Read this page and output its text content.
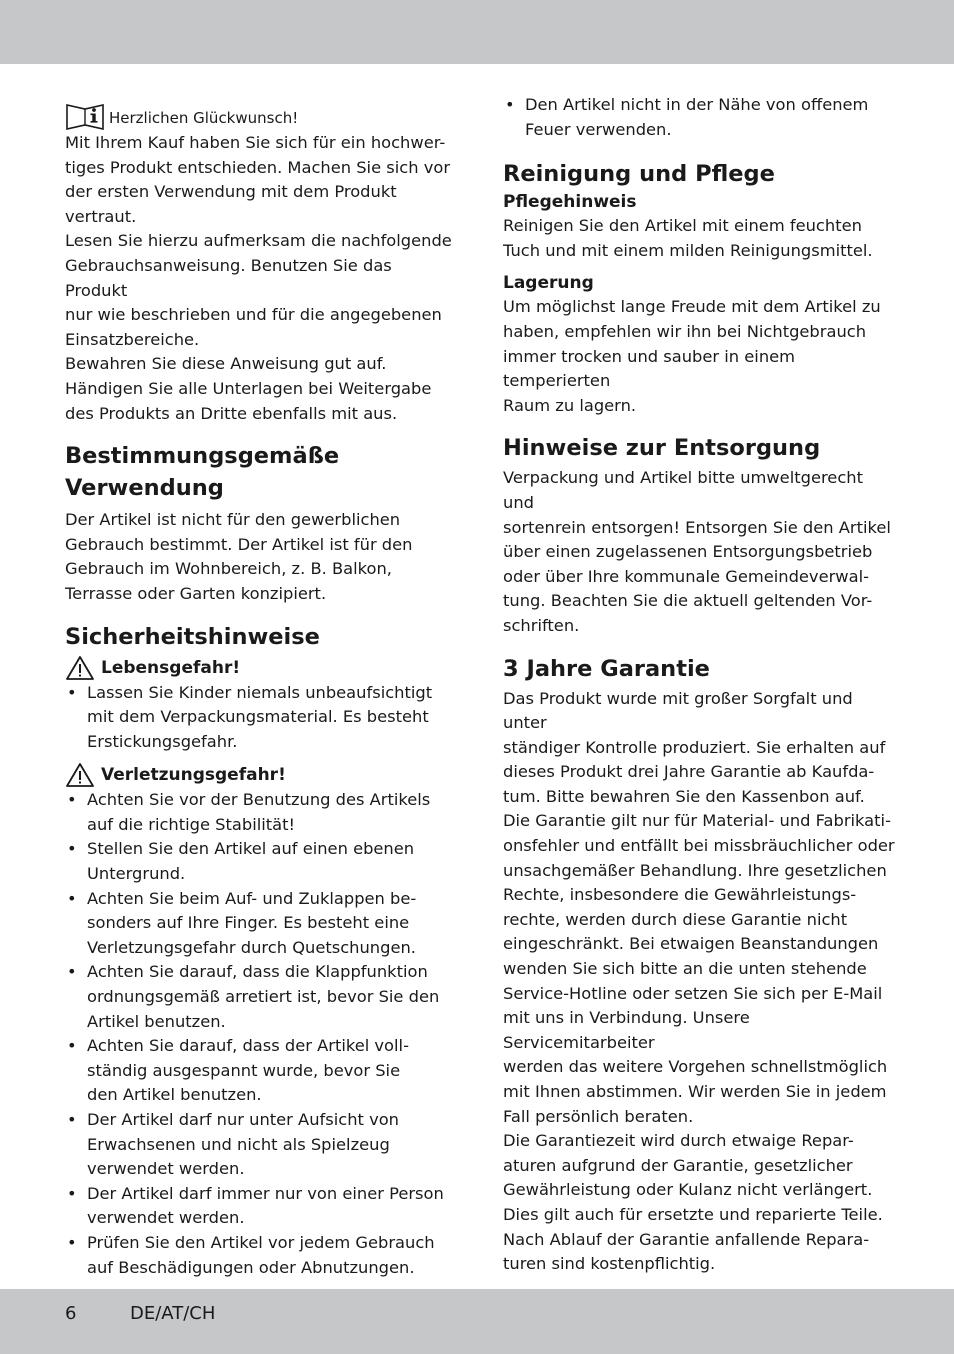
Herzlichen Glückwunsch!

Mit Ihrem Kauf haben Sie sich für ein hochwer-

tiges Produkt entschieden. Machen Sie sich vor

der ersten Verwendung mit dem Produkt vertraut.

Lesen Sie hierzu aufmerksam die nachfolgende

Gebrauchsanweisung. Benutzen Sie das Produkt

nur wie beschrieben und für die angegebenen

Einsatzbereiche.

Bewahren Sie diese Anweisung gut auf.

Händigen Sie alle Unterlagen bei Weitergabe

des Produkts an Dritte ebenfalls mit aus.

Bestimmungsgemäße
Verwendung

Der Artikel ist nicht für den gewerblichen

Gebrauch bestimmt. Der Artikel ist für den

Gebrauch im Wohnbereich, z. B. Balkon,

Terrasse oder Garten konzipiert.

Sicherheitshinweise
Lebensgefahr!
• Lassen Sie Kinder niemals unbeaufsichtigt
mit dem Verpackungsmaterial. Es besteht
Erstickungsgefahr.
Verletzungsgefahr!
• Achten Sie vor der Benutzung des Artikels
auf die richtige Stabilität!
• Stellen Sie den Artikel auf einen ebenen
Untergrund.
• Achten Sie beim Auf- und Zuklappen be-
sonders auf Ihre Finger. Es besteht eine
Verletzungsgefahr durch Quetschungen.
• Achten Sie darauf, dass die Klappfunktion
ordnungsgemäß arretiert ist, bevor Sie den
Artikel benutzen.
• Achten Sie darauf, dass der Artikel voll-
ständig ausgespannt wurde, bevor Sie
den Artikel benutzen.
• Der Artikel darf nur unter Aufsicht von
Erwachsenen und nicht als Spielzeug
verwendet werden.
• Der Artikel darf immer nur von einer Person
verwendet werden.
• Prüfen Sie den Artikel vor jedem Gebrauch
auf Beschädigungen oder Abnutzungen.
• Den Artikel nicht in der Nähe von offenem
Feuer verwenden.
Reinigung und Pflege
Pflegehinweis

Reinigen Sie den Artikel mit einem feuchten

Tuch und mit einem milden Reinigungsmittel.

Lagerung

Um möglichst lange Freude mit dem Artikel zu

haben, empfehlen wir ihn bei Nichtgebrauch

immer trocken und sauber in einem temperierten

Raum zu lagern.

Hinweise zur Entsorgung

Verpackung und Artikel bitte umweltgerecht und

sortenrein entsorgen! Entsorgen Sie den Artikel

über einen zugelassenen Entsorgungsbetrieb

oder über Ihre kommunale Gemeindeverwal-

tung. Beachten Sie die aktuell geltenden Vor-

schriften.

3 Jahre Garantie

Das Produkt wurde mit großer Sorgfalt und unter

ständiger Kontrolle produziert. Sie erhalten auf

dieses Produkt drei Jahre Garantie ab Kaufda-

tum. Bitte bewahren Sie den Kassenbon auf.

Die Garantie gilt nur für Material- und Fabrikati-

onsfehler und entfällt bei missbräuchlicher oder

unsachgemäßer Behandlung. Ihre gesetzlichen

Rechte, insbesondere die Gewährleistungs-

rechte, werden durch diese Garantie nicht

eingeschränkt. Bei etwaigen Beanstandungen

wenden Sie sich bitte an die unten stehende

Service-Hotline oder setzen Sie sich per E-Mail

mit uns in Verbindung. Unsere Servicemitarbeiter

werden das weitere Vorgehen schnellstmöglich

mit Ihnen abstimmen. Wir werden Sie in jedem

Fall persönlich beraten.

Die Garantiezeit wird durch etwaige Repar-

aturen aufgrund der Garantie, gesetzlicher

Gewährleistung oder Kulanz nicht verlängert.

Dies gilt auch für ersetzte und reparierte Teile.

Nach Ablauf der Garantie anfallende Repara-

turen sind kostenpflichtig.

6	DE/AT/CH
